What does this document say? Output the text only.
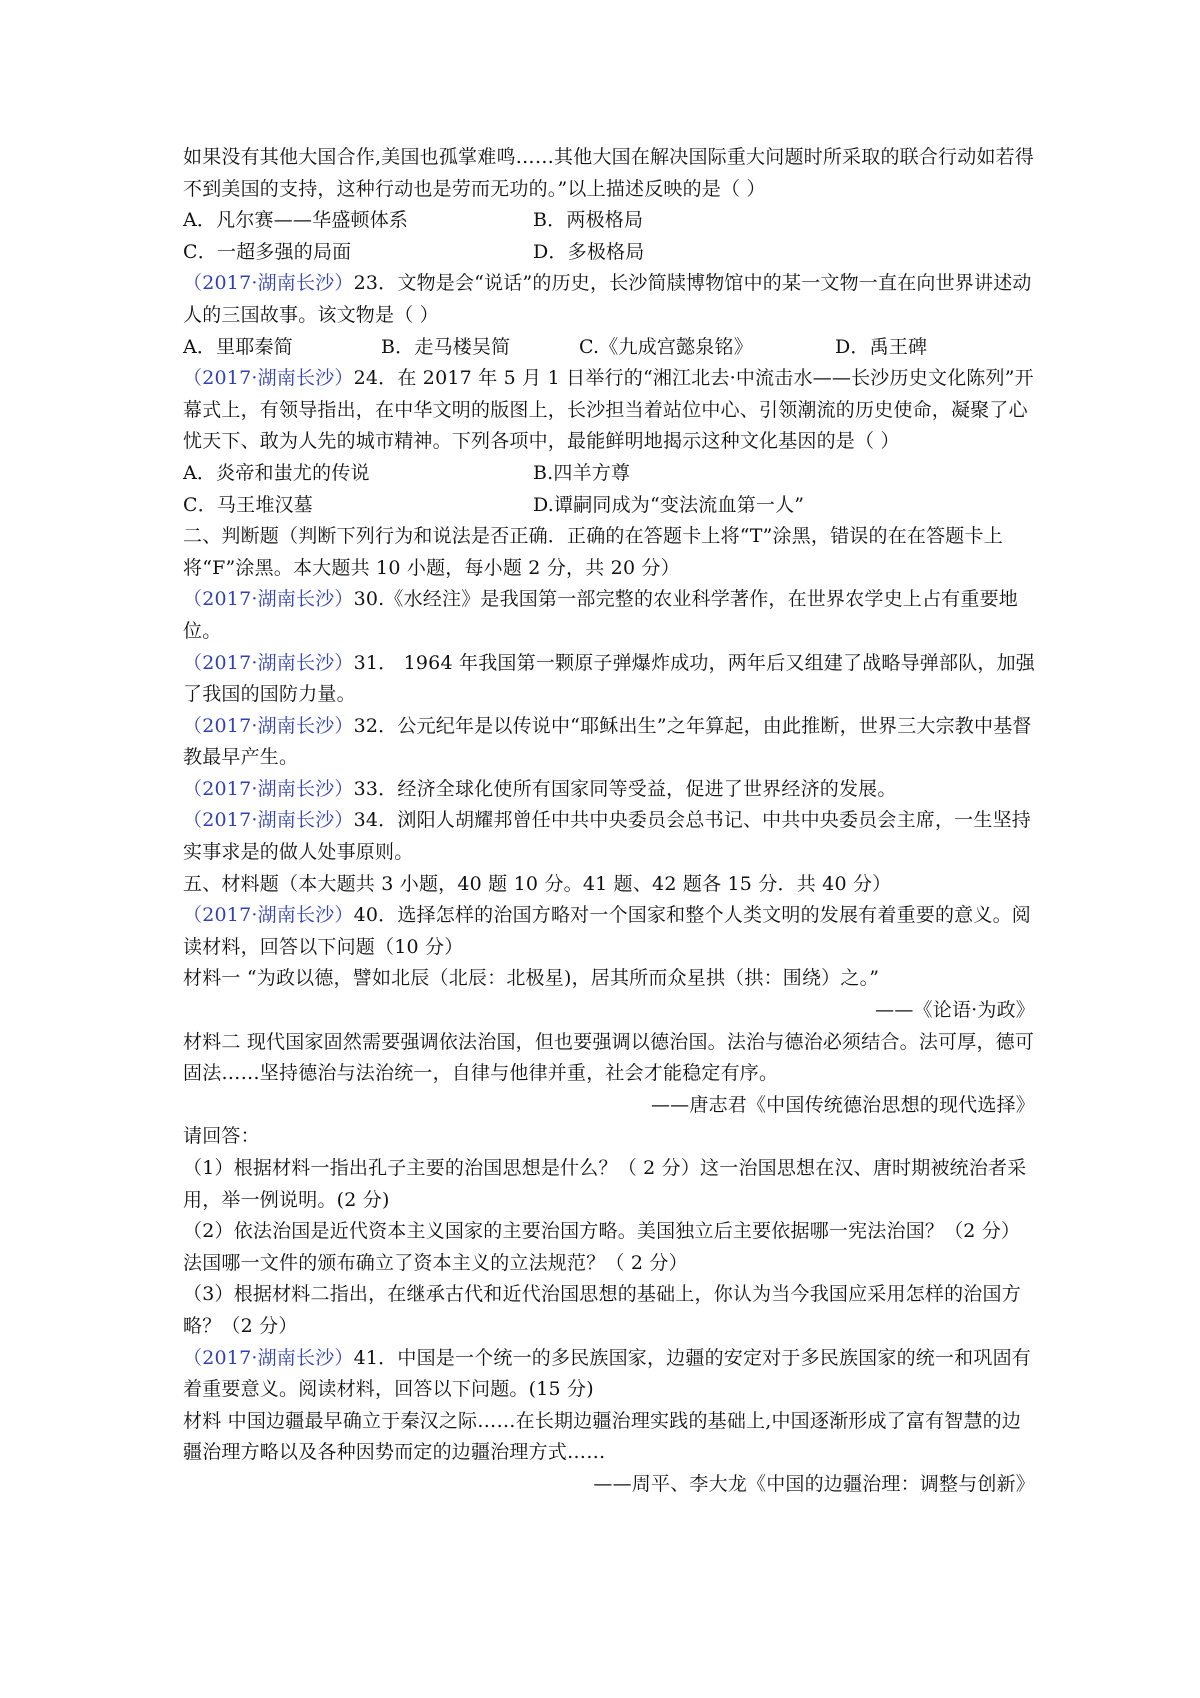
如果没有其他大国合作,美国也孤掌难鸣……其他大国在解决国际重大问题时所采取的联合行动如若得不到美国的支持，这种行动也是劳而无功的。”以上描述反映的是（ ）

A．凡尔赛——华盛顿体系	B．两极格局
C．一超多强的局面	D．多极格局

（2017·湖南长沙）23．文物是会“说话”的历史，长沙简牍博物馆中的某一文物一直在向世界讲述动人的三国故事。该文物是（ ）

A．里耶秦简	B．走马楼吴简	C.《九成宫懿泉铭》	D．禹王碑

（2017·湖南长沙）24．在 2017 年 5 月 1 日举行的“湘江北去·中流击水——长沙历史文化陈列”开幕式上，有领导指出，在中华文明的版图上，长沙担当着站位中心、引领潮流的历史使命，凝聚了心忧天下、敢为人先的城市精神。下列各项中，最能鲜明地揭示这种文化基因的是（ ）

A．炎帝和蚩尤的传说	B.四羊方尊
C．马王堆汉墓	D.谭嗣同成为“变法流血第一人”

二、判断题（判断下列行为和说法是否正确．正确的在答题卡上将“T”涂黑，错误的在在答题卡上将“F”涂黑。本大题共 10 小题，每小题 2 分，共 20 分）

（2017·湖南长沙）30.《水经注》是我国第一部完整的农业科学著作，在世界农学史上占有重要地位。

（2017·湖南长沙）31． 1964 年我国第一颗原子弹爆炸成功，两年后又组建了战略导弹部队，加强了我国的国防力量。

（2017·湖南长沙）32．公元纪年是以传说中“耶稣出生”之年算起，由此推断，世界三大宗教中基督教最早产生。

（2017·湖南长沙）33．经济全球化使所有国家同等受益，促进了世界经济的发展。

（2017·湖南长沙）34．浏阳人胡耀邦曾任中共中央委员会总书记、中共中央委员会主席，一生坚持实事求是的做人处事原则。

五、材料题（本大题共 3 小题，40 题 10 分。41 题、42 题各 15 分．共 40 分）

（2017·湖南长沙）40．选择怎样的治国方略对一个国家和整个人类文明的发展有着重要的意义。阅读材料，回答以下问题（10 分）

材料一 “为政以德，譬如北辰（北辰：北极星)，居其所而众星拱（拱：围绕）之。”

——《论语·为政》

材料二 现代国家固然需要强调依法治国，但也要强调以德治国。法治与德治必须结合。法可厚，德可固法……坚持德治与法治统一，自律与他律并重，社会才能稳定有序。

——唐志君《中国传统德治思想的现代选择》

请回答：

（1）根据材料一指出孔子主要的治国思想是什么？（ 2 分）这一治国思想在汉、唐时期被统治者采用，举一例说明。(2 分)

（2）依法治国是近代资本主义国家的主要治国方略。美国独立后主要依据哪一宪法治国？（2 分）法国哪一文件的颁布确立了资本主义的立法规范？（ 2 分）

（3）根据材料二指出，在继承古代和近代治国思想的基础上，你认为当今我国应采用怎样的治国方略？（2 分）

（2017·湖南长沙）41．中国是一个统一的多民族国家，边疆的安定对于多民族国家的统一和巩固有着重要意义。阅读材料，回答以下问题。(15 分)

材料 中国边疆最早确立于秦汉之际……在长期边疆治理实践的基础上,中国逐渐形成了富有智慧的边疆治理方略以及各种因势而定的边疆治理方式……

——周平、李大龙《中国的边疆治理：调整与创新》
